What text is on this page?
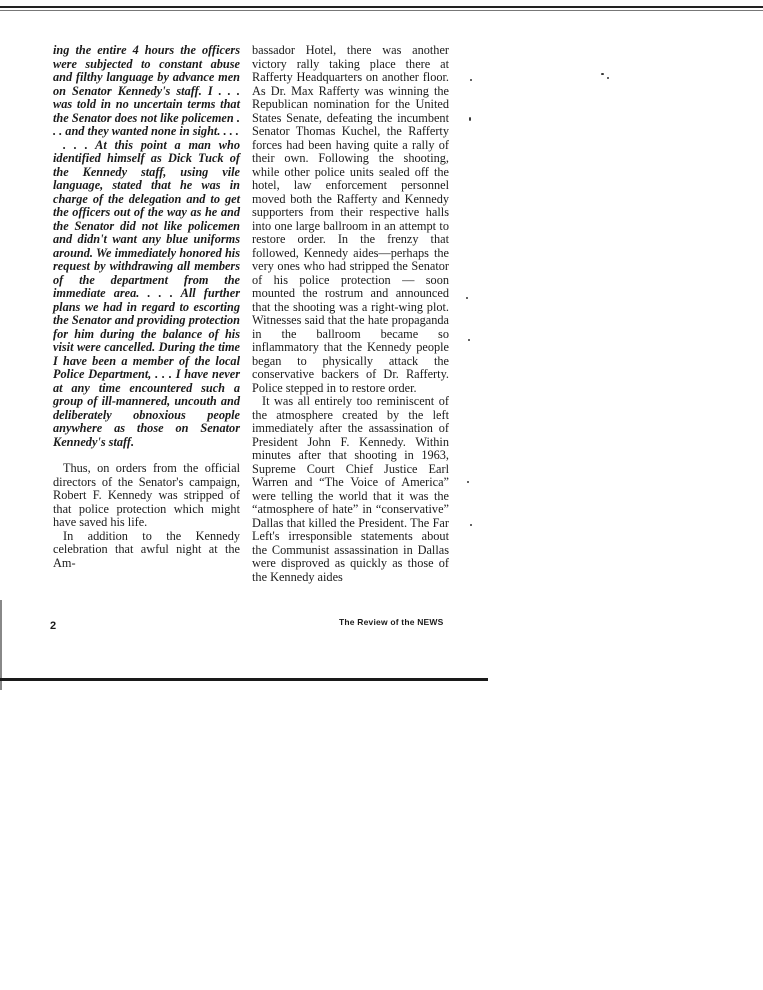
ing the entire 4 hours the officers were subjected to constant abuse and filthy language by advance men on Senator Kennedy's staff. I . . . was told in no uncertain terms that the Senator does not like policemen . . . and they wanted none in sight. . . .

. . . At this point a man who identified himself as Dick Tuck of the Kennedy staff, using vile language, stated that he was in charge of the delegation and to get the officers out of the way as he and the Senator did not like policemen and didn't want any blue uniforms around. We immediately honored his request by withdrawing all members of the department from the immediate area. . . . All further plans we had in regard to escorting the Senator and providing protection for him during the balance of his visit were cancelled. During the time I have been a member of the local Police Department, . . . I have never at any time encountered such a group of ill-mannered, uncouth and deliberately obnoxious people anywhere as those on Senator Kennedy's staff.

Thus, on orders from the official directors of the Senator's campaign, Robert F. Kennedy was stripped of that police protection which might have saved his life.

In addition to the Kennedy celebration that awful night at the Am-

bassador Hotel, there was another victory rally taking place there at Rafferty Headquarters on another floor. As Dr. Max Rafferty was winning the Republican nomination for the United States Senate, defeating the incumbent Senator Thomas Kuchel, the Rafferty forces had been having quite a rally of their own. Following the shooting, while other police units sealed off the hotel, law enforcement personnel moved both the Rafferty and Kennedy supporters from their respective halls into one large ballroom in an attempt to restore order. In the frenzy that followed, Kennedy aides—perhaps the very ones who had stripped the Senator of his police protection — soon mounted the rostrum and announced that the shooting was a right-wing plot. Witnesses said that the hate propaganda in the ballroom became so inflammatory that the Kennedy people began to physically attack the conservative backers of Dr. Rafferty. Police stepped in to restore order.

It was all entirely too reminiscent of the atmosphere created by the left immediately after the assassination of President John F. Kennedy. Within minutes after that shooting in 1963, Supreme Court Chief Justice Earl Warren and “The Voice of America” were telling the world that it was the “atmosphere of hate” in “conservative” Dallas that killed the President. The Far Left's irresponsible statements about the Communist assassination in Dallas were disproved as quickly as those of the Kennedy aides

2	The Review of the NEWS
